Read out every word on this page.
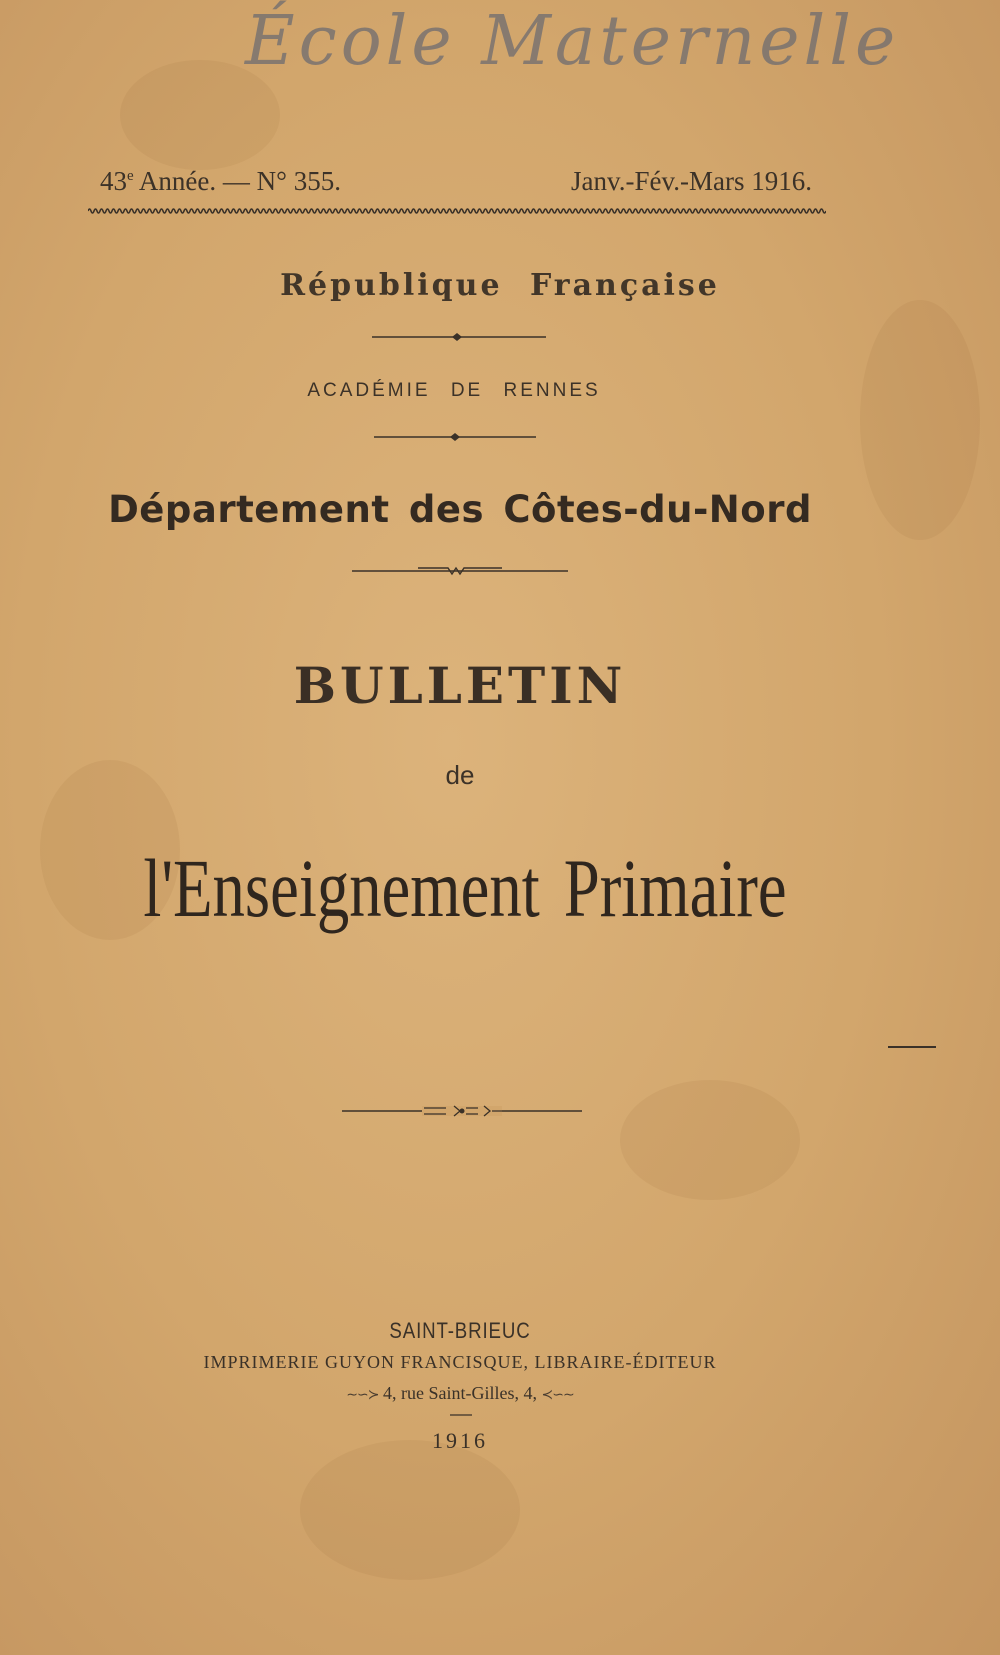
École Maternelle
43e Année. — N° 355.	Janv.-Fév.-Mars 1916.
République Française
ACADÉMIE DE RENNES
Département des Côtes-du-Nord
BULLETIN
de
l'Enseignement Primaire
SAINT-BRIEUC
IMPRIMERIE GUYON FRANCISQUE, LIBRAIRE-ÉDITEUR
∼∽≻ 4, rue Saint-Gilles, 4, ≺∽∼
1916
